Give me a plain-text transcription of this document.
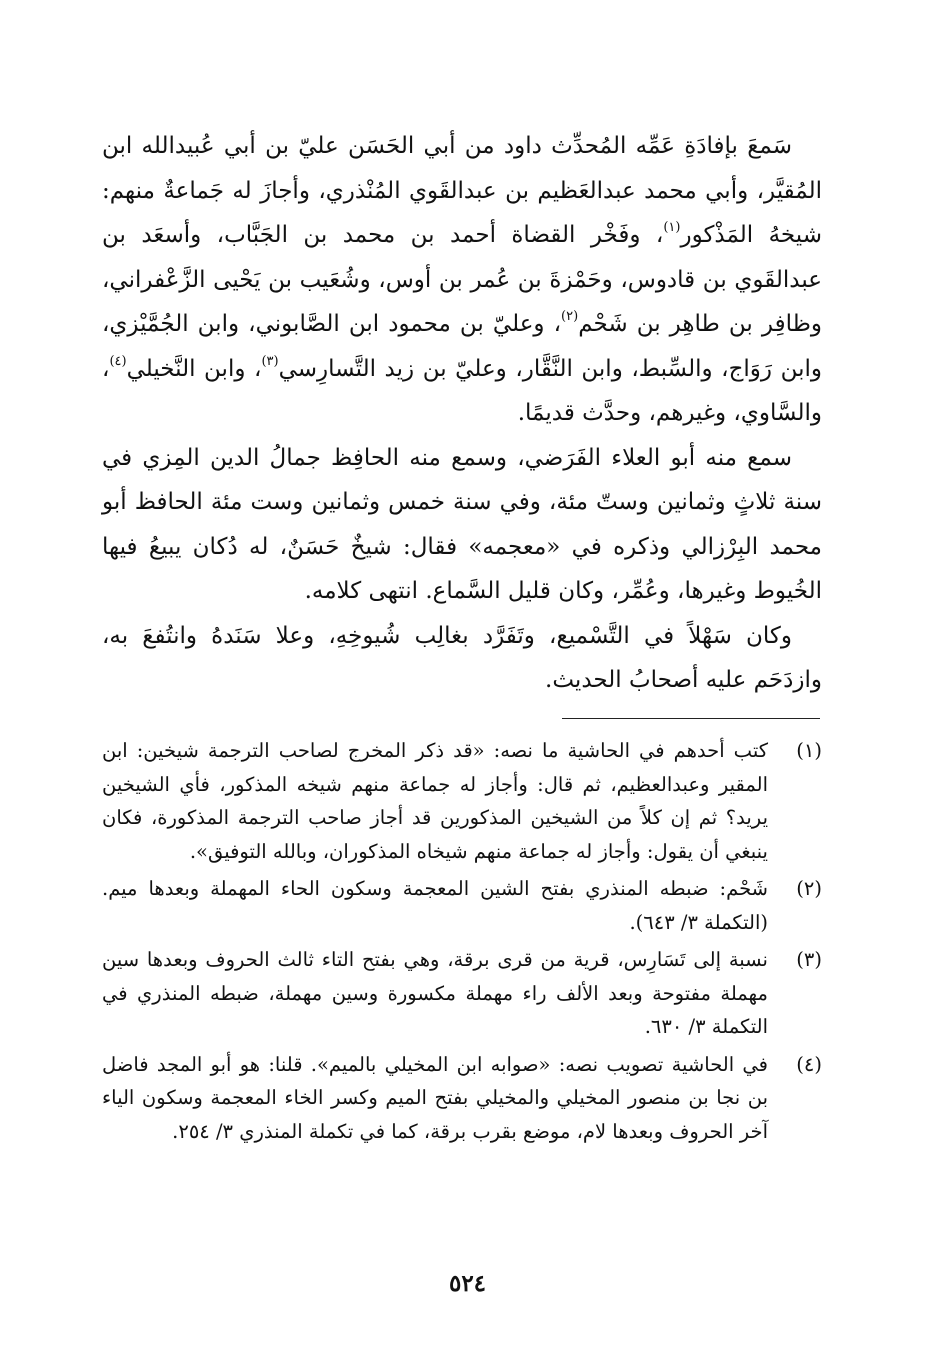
سَمعَ بإفادَةِ عَمِّه المُحدِّث داود من أبي الحَسَن عليّ بن أبي عُبيدالله ابن المُقيَّر، وأبي محمد عبدالعَظيم بن عبدالقَوي المُنْذري، وأجازَ له جَماعةٌ منهم: شيخهُ المَذْكور$^{(١)}$، وفَخْر القضاة أحمد بن محمد بن الجَبَّاب، وأسعَد بن عبدالقَوي بن قادوس، وحَمْزةَ بن عُمر بن أوس، وشُعَيب بن يَحْيى الزَّعْفراني، وظافِر بن طاهِر بن شَحْم$^{(٢)}$، وعليّ بن محمود ابن الصَّابوني، وابن الجُمَّيْزي، وابن رَوَاج، والسِّبط، وابن النَّقَّار، وعليّ بن زيد التَّسارِسي$^{(٣)}$، وابن النَّخيلي$^{(٤)}$، والسَّاوي، وغيرهم، وحدَّث قديمًا.

سمع منه أبو العلاء الفَرَضي، وسمع منه الحافِظ جمالُ الدين المِزي في سنة ثلاثٍ وثمانين وستّ مئة، وفي سنة خمس وثمانين وست مئة الحافظ أبو محمد البِرْزالي وذكره في «معجمه» فقال: شيخٌ حَسَنٌ، له دُكان يبيعُ فيها الخُيوط وغيرها، وعُمِّر، وكان قليل السَّماع. انتهى كلامه.

وكان سَهْلاً في التَّسْميع، وتَفَرَّد بغالِب شُيوخِهِ، وعلا سَنَدهُ وانتُفعَ به، وازدَحَم عليه أصحابُ الحديث.

(١)
كتب أحدهم في الحاشية ما نصه: «قد ذكر المخرج لصاحب الترجمة شيخين: ابن المقير وعبدالعظيم، ثم قال: وأجاز له جماعة منهم شيخه المذكور، فأي الشيخين يريد؟ ثم إن كلاً من الشيخين المذكورين قد أجاز صاحب الترجمة المذكورة، فكان ينبغي أن يقول: وأجاز له جماعة منهم شيخاه المذكوران، وبالله التوفيق».
(٢)
شَحْم: ضبطه المنذري بفتح الشين المعجمة وسكون الحاء المهملة وبعدها ميم. (التكملة ٣/ ٦٤٣).
(٣)
نسبة إلى تَسَارِس، قرية من قرى برقة، وهي بفتح التاء ثالث الحروف وبعدها سين مهملة مفتوحة وبعد الألف راء مهملة مكسورة وسين مهملة، ضبطه المنذري في التكملة ٣/ ٦٣٠.
(٤)
في الحاشية تصويب نصه: «صوابه ابن المخيلي بالميم». قلنا: هو أبو المجد فاضل بن نجا بن منصور المخيلي والمخيلي بفتح الميم وكسر الخاء المعجمة وسكون الياء آخر الحروف وبعدها لام، موضع بقرب برقة، كما في تكملة المنذري ٣/ ٢٥٤.
٥٢٤
